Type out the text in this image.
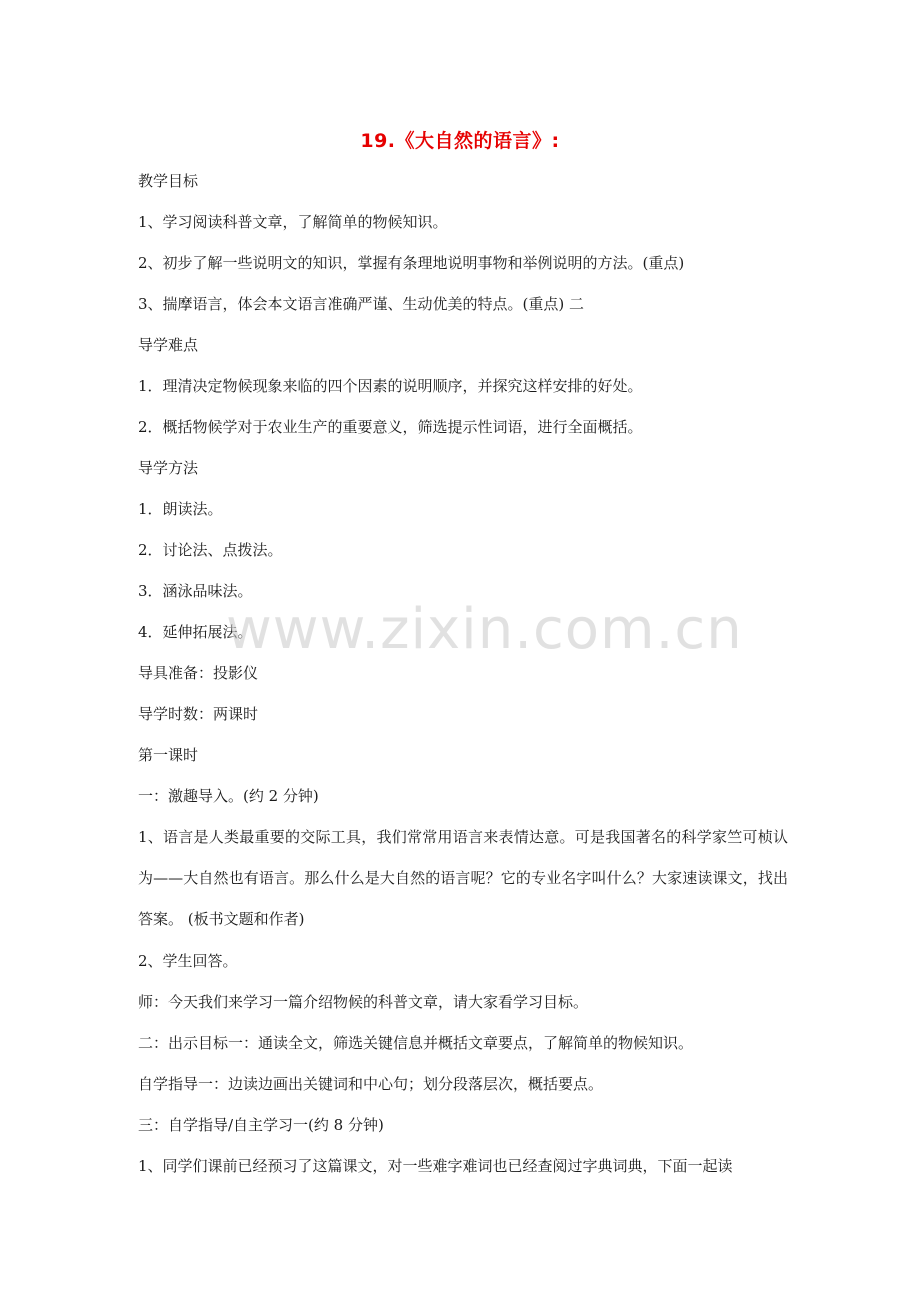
19.《大自然的语言》:
教学目标
1、学习阅读科普文章，了解简单的物候知识。
2、初步了解一些说明文的知识，掌握有条理地说明事物和举例说明的方法。(重点)
3、揣摩语言，体会本文语言准确严谨、生动优美的特点。(重点) 二
导学难点
1．理清决定物候现象来临的四个因素的说明顺序，并探究这样安排的好处。
2．概括物候学对于农业生产的重要意义，筛选提示性词语，进行全面概括。
导学方法
1．朗读法。
2．讨论法、点拨法。
3．涵泳品味法。
4．延伸拓展法。
导具准备：投影仪
导学时数：两课时
第一课时
一：激趣导入。(约 2 分钟)
1、语言是人类最重要的交际工具，我们常常用语言来表情达意。可是我国著名的科学家竺可桢认为——大自然也有语言。那么什么是大自然的语言呢？它的专业名字叫什么？大家速读课文，找出答案。 (板书文题和作者)
2、学生回答。
师：今天我们来学习一篇介绍物候的科普文章，请大家看学习目标。
二：出示目标一：通读全文，筛选关键信息并概括文章要点，了解简单的物候知识。
自学指导一：边读边画出关键词和中心句；划分段落层次，概括要点。
三：自学指导/自主学习一(约 8 分钟)
1、同学们课前已经预习了这篇课文，对一些难字难词也已经查阅过字典词典，下面一起读
www.zixin.com.cn
